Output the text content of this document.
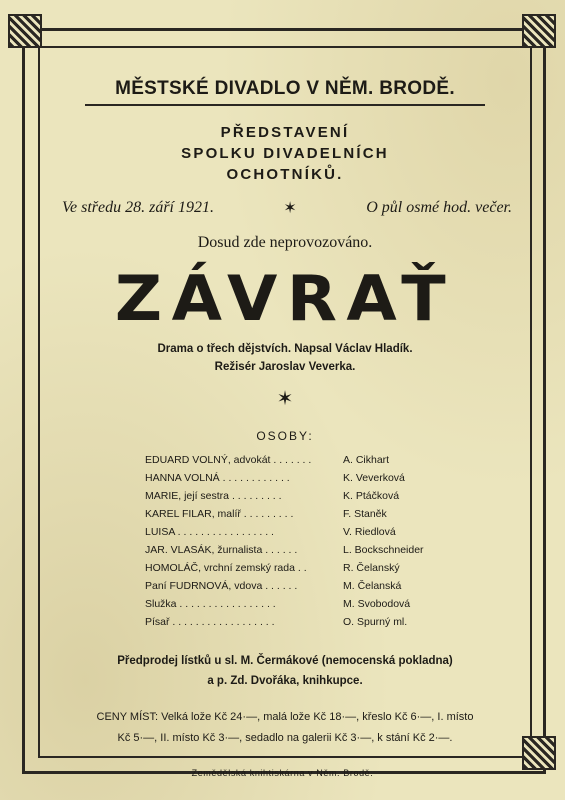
MĚSTSKÉ DIVADLO V NĚM. BRODĚ.
PŘEDSTAVENÍ
SPOLKU DIVADELNÍCH
OCHOTNÍKŮ.
Ve středu 28. září 1921.	✶	O půl osmé hod. večer.
Dosud zde neprovozováno.
ZÁVRAŤ
Drama o třech dějstvích. Napsal Václav Hladík.
Režisér Jaroslav Veverka.
✶
OSOBY:
EDUARD VOLNÝ, advokát . . . . . . .	A. Cikhart
HANNA VOLNÁ . . . . . . . . . . . .	K. Veverková
MARIE, její sestra . . . . . . . . .	K. Ptáčková
KAREL FILAR, malíř . . . . . . . . .	F. Staněk
LUISA . . . . . . . . . . . . . . . . .	V. Riedlová
JAR. VLASÁK, žurnalista . . . . . .	L. Bockschneider
HOMOLÁČ, vrchní zemský rada . .	R. Čelanský
Paní FUDRNOVÁ, vdova . . . . . .	M. Čelanská
Služka . . . . . . . . . . . . . . . . .	M. Svobodová
Písař . . . . . . . . . . . . . . . . . .	O. Spurný ml.
Předprodej lístků u sl. M. Čermákové (nemocenská pokladna)
a p. Zd. Dvořáka, knihkupce.
CENY MÍST: Velká lože Kč 24·—, malá lože Kč 18·—, křeslo Kč 6·—, I. místo
Kč 5·—, II. místo Kč 3·—, sedadlo na galerii Kč 3·—, k stání Kč 2·—.
Zemědělská knihtiskárna v Něm. Brodě.
